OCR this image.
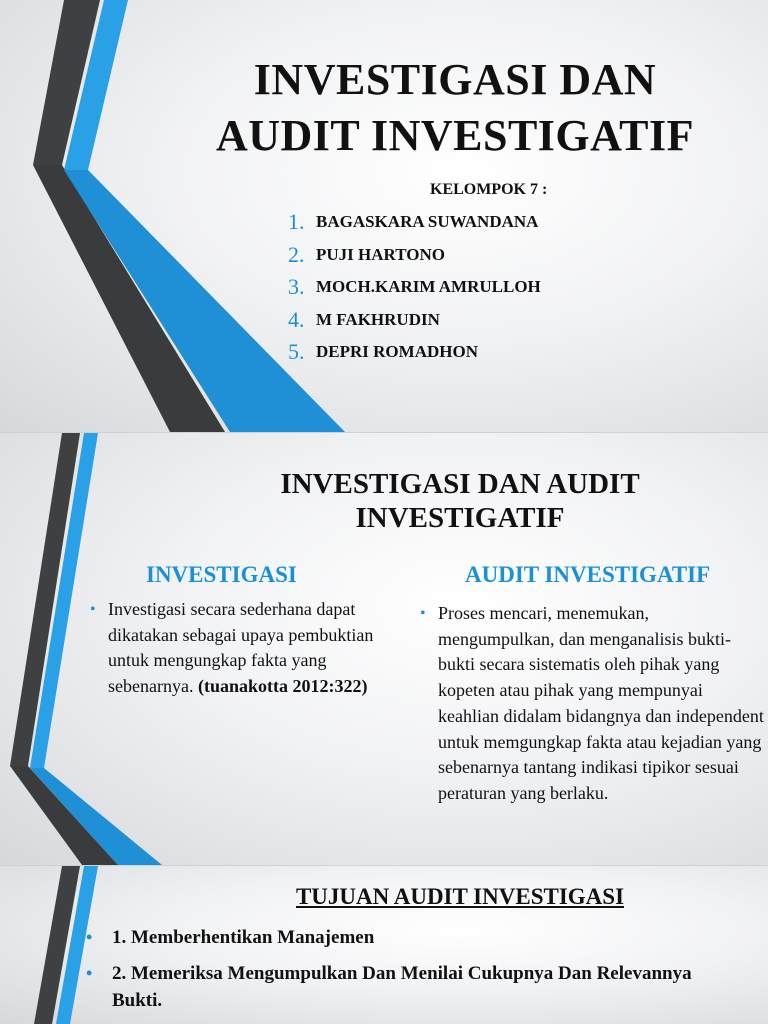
INVESTIGASI DAN
AUDIT INVESTIGATIF
KELOMPOK 7 :
1. BAGASKARA SUWANDANA
2. PUJI HARTONO
3. MOCH.KARIM AMRULLOH
4. M FAKHRUDIN
5. DEPRI ROMADHON
INVESTIGASI DAN AUDIT
INVESTIGATIF
INVESTIGASI
• Investigasi secara sederhana dapat dikatakan sebagai upaya pembuktian untuk mengungkap fakta yang sebenarnya. (tuanakotta 2012:322)
AUDIT INVESTIGATIF
• Proses mencari, menemukan, mengumpulkan, dan menganalisis bukti-bukti secara sistematis oleh pihak yang kopeten atau pihak yang mempunyai keahlian didalam bidangnya dan independent untuk memgungkap fakta atau kejadian yang sebenarnya tantang indikasi tipikor sesuai peraturan yang berlaku.
TUJUAN AUDIT INVESTIGASI
• 1. Memberhentikan Manajemen
• 2. Memeriksa Mengumpulkan Dan Menilai Cukupnya Dan Relevannya Bukti.
